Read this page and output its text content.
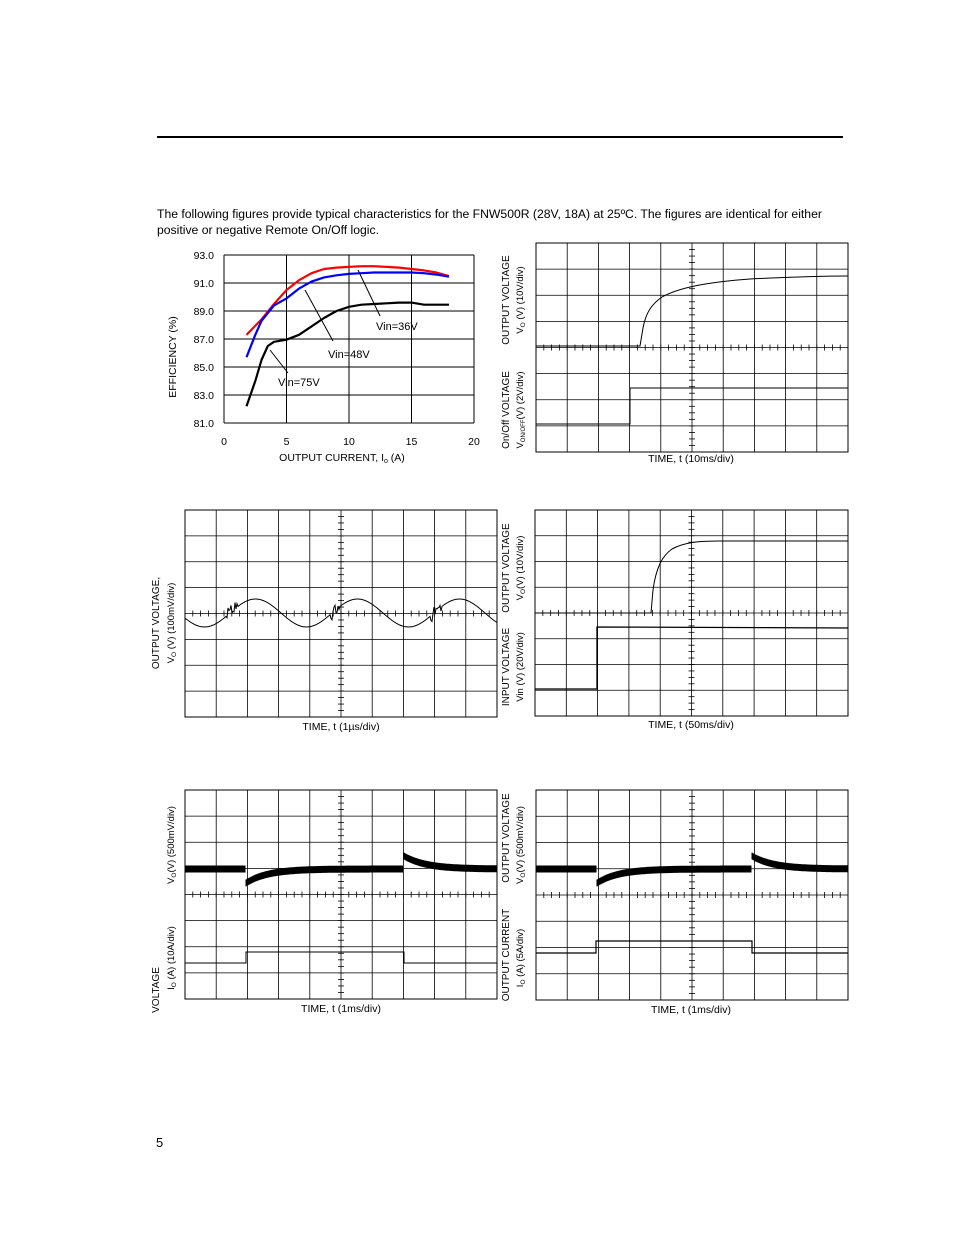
The following figures provide typical characteristics for the FNW500R (28V, 18A) at 25ºC. The figures are identical for either positive or negative Remote On/Off logic.

93.0
91.0
89.0
87.0
85.0
83.0
81.0
0	5	10	15	20
EFFICIENCY (%)
OUTPUT CURRENT, Io (A)
Vin=36V
Vin=48V
Vin=75V
OUTPUT VOLTAGE $V_O$ (V) (10V/div)
On/Off VOLTAGE $V_{ON/OFF}(V)$ (2V/div)
TIME, t (10ms/div)
OUTPUT VOLTAGE, $V_O$ (V) (100mV/div)
TIME, t (1µs/div)
OUTPUT VOLTAGE $V_O(V)$ (10V/div)
INPUT VOLTAGE Vin (V) (20V/div)
TIME, t (50ms/div)
$V_O(V)$ (500mV/div)
VOLTAGE $I_O$ (A) (10A/div)
TIME, t (1ms/div)
OUTPUT VOLTAGE $V_O(V)$ (500mV/div)
OUTPUT CURRENT $I_O$ (A) (5A/div)
TIME, t (1ms/div)
5
